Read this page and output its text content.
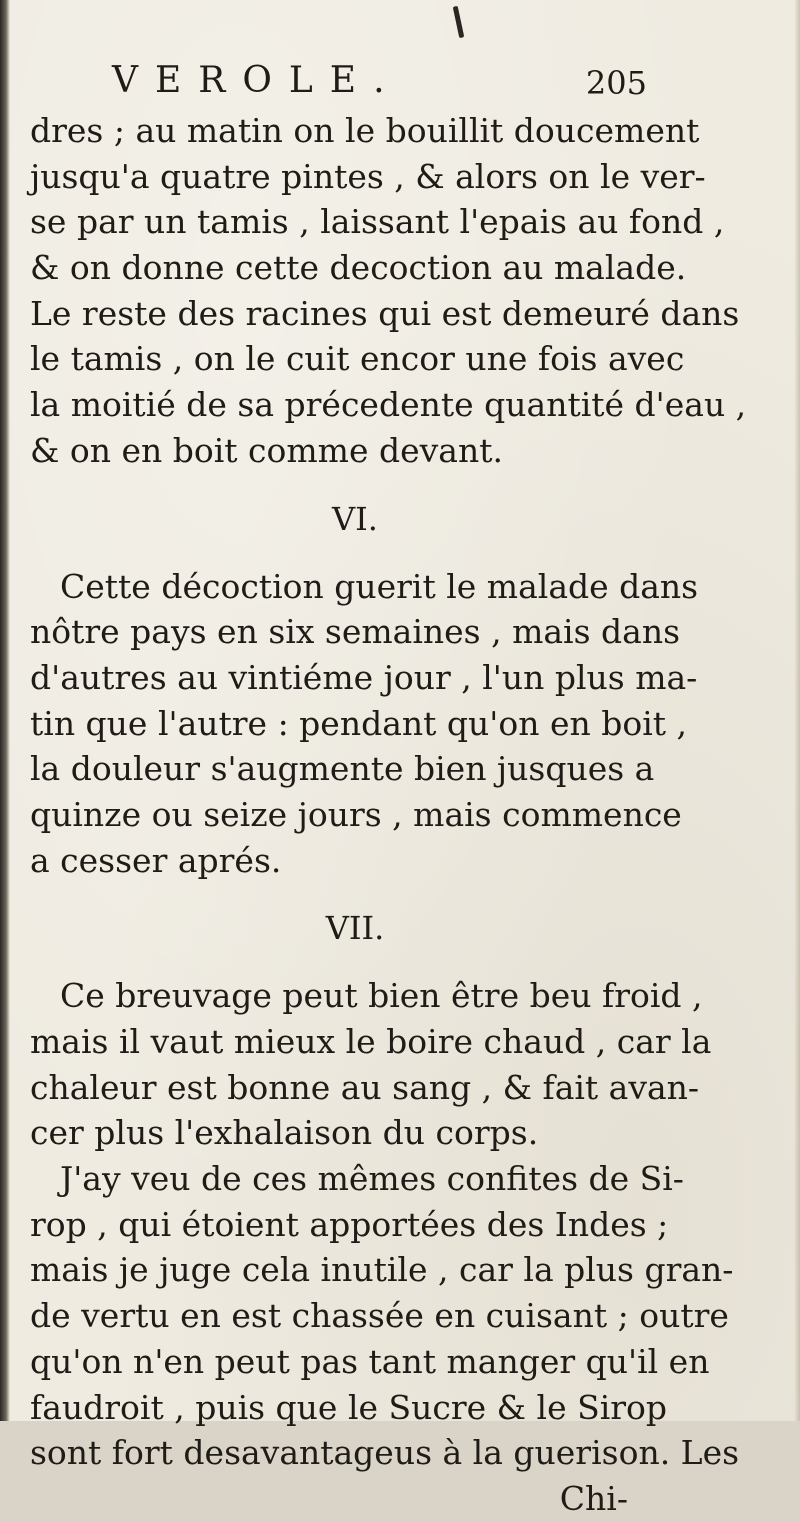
VEROLE.	205
dres ; au matin on le bouillit doucement
jusqu'a quatre pintes , & alors on le ver-
se par un tamis , laissant l'epais au fond ,
& on donne cette decoction au malade.
Le reste des racines qui est demeuré dans
le tamis , on le cuit encor une fois avec
la moitié de sa précedente quantité d'eau ,
& on en boit comme devant.
VI.
Cette décoction guerit le malade dans
nôtre pays en six semaines , mais dans
d'autres au vintiéme jour , l'un plus ma-
tin que l'autre : pendant qu'on en boit ,
la douleur s'augmente bien jusques a
quinze ou seize jours , mais commence
a cesser aprés.
VII.
Ce breuvage peut bien être beu froid ,
mais il vaut mieux le boire chaud , car la
chaleur est bonne au sang , & fait avan-
cer plus l'exhalaison du corps.
J'ay veu de ces mêmes confites de Si-
rop , qui étoient apportées des Indes ;
mais je juge cela inutile , car la plus gran-
de vertu en est chassée en cuisant ; outre
qu'on n'en peut pas tant manger qu'il en
faudroit , puis que le Sucre & le Sirop
sont fort desavantageus à la guerison. Les
Chi-
